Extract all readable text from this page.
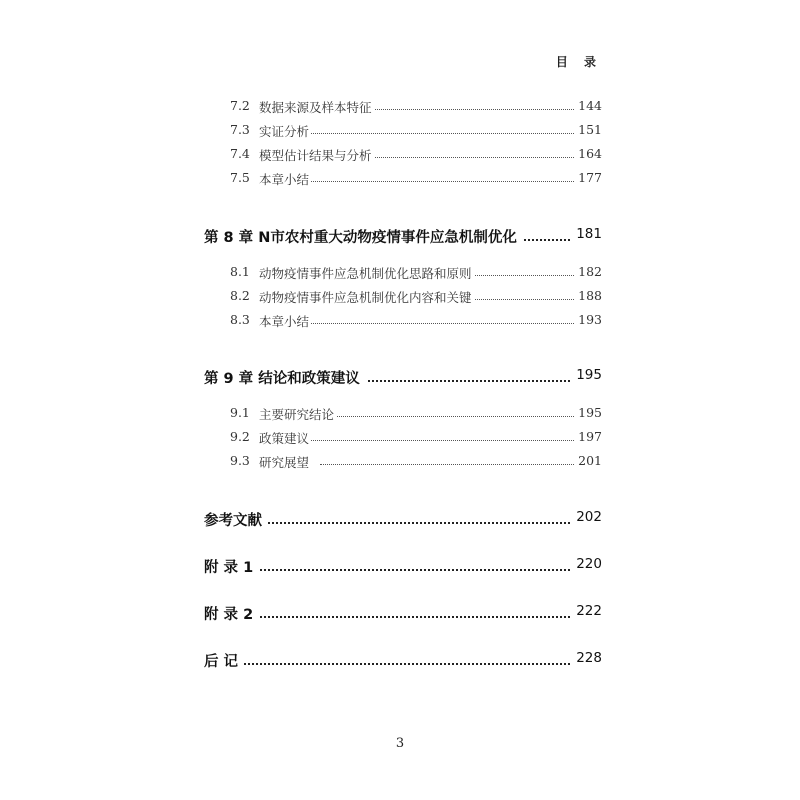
目 录
7.2 数据来源及样本特征	144
7.3 实证分析	151
7.4 模型估计结果与分析	164
7.5 本章小结	177
第 8 章 N市农村重大动物疫情事件应急机制优化	181
8.1 动物疫情事件应急机制优化思路和原则	182
8.2 动物疫情事件应急机制优化内容和关键	188
8.3 本章小结	193
第 9 章 结论和政策建议	195
9.1 主要研究结论	195
9.2 政策建议	197
9.3 研究展望	201
参考文献	202
附 录 1	220
附 录 2	222
后 记	228
3
